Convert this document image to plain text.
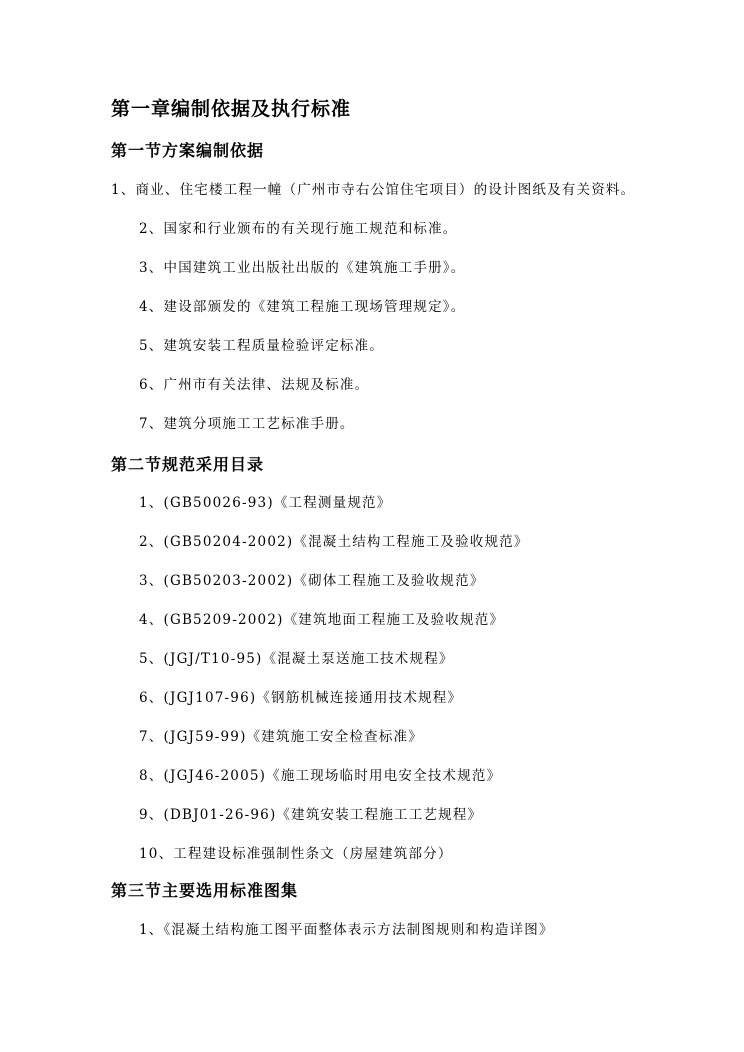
第一章编制依据及执行标准
第一节方案编制依据
1、商业、住宅楼工程一幢（广州市寺右公馆住宅项目）的设计图纸及有关资料。
2、国家和行业颁布的有关现行施工规范和标准。
3、中国建筑工业出版社出版的《建筑施工手册》。
4、建设部颁发的《建筑工程施工现场管理规定》。
5、建筑安装工程质量检验评定标准。
6、广州市有关法律、法规及标准。
7、建筑分项施工工艺标准手册。
第二节规范采用目录
1、(GB50026-93)《工程测量规范》
2、(GB50204-2002)《混凝土结构工程施工及验收规范》
3、(GB50203-2002)《砌体工程施工及验收规范》
4、(GB5209-2002)《建筑地面工程施工及验收规范》
5、(JGJ/T10-95)《混凝土泵送施工技术规程》
6、(JGJ107-96)《钢筋机械连接通用技术规程》
7、(JGJ59-99)《建筑施工安全检查标准》
8、(JGJ46-2005)《施工现场临时用电安全技术规范》
9、(DBJ01-26-96)《建筑安装工程施工工艺规程》
10、工程建设标准强制性条文（房屋建筑部分）
第三节主要选用标准图集
1、《混凝土结构施工图平面整体表示方法制图规则和构造详图》
